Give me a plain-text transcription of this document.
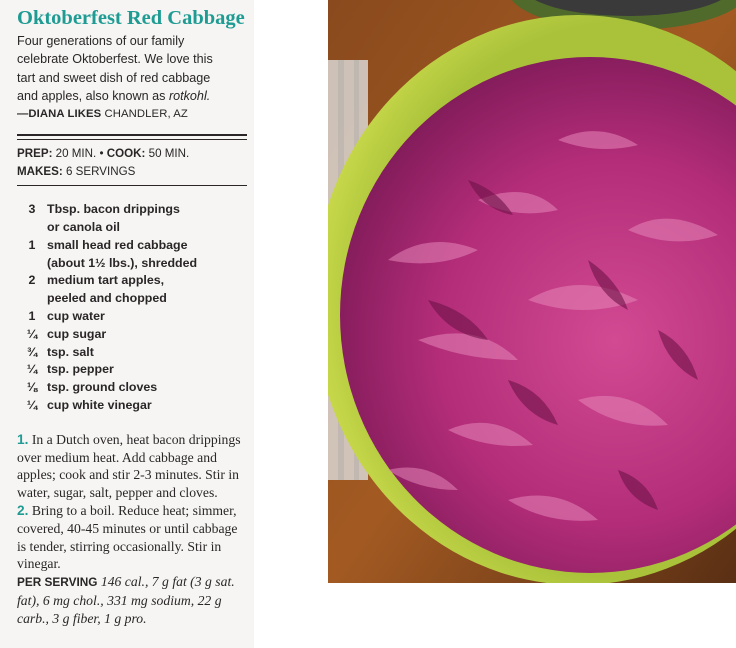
Oktoberfest Red Cabbage
Four generations of our family
celebrate Oktoberfest. We love this
tart and sweet dish of red cabbage
and apples, also known as rotkohl.
—DIANA LIKES CHANDLER, AZ
PREP: 20 MIN. • COOK: 50 MIN.
MAKES: 6 SERVINGS
3 Tbsp. bacon drippings
or canola oil
1 small head red cabbage
(about 1½ lbs.), shredded
2 medium tart apples,
peeled and chopped
1 cup water
¼ cup sugar
¾ tsp. salt
¼ tsp. pepper
⅛ tsp. ground cloves
¼ cup white vinegar
1. In a Dutch oven, heat bacon drippings over medium heat. Add cabbage and apples; cook and stir 2-3 minutes. Stir in water, sugar, salt, pepper and cloves.
2. Bring to a boil. Reduce heat; simmer, covered, 40-45 minutes or until cabbage is tender, stirring occasionally. Stir in vinegar.
PER SERVING 146 cal., 7 g fat (3 g sat. fat), 6 mg chol., 331 mg sodium, 22 g carb., 3 g fiber, 1 g pro.
